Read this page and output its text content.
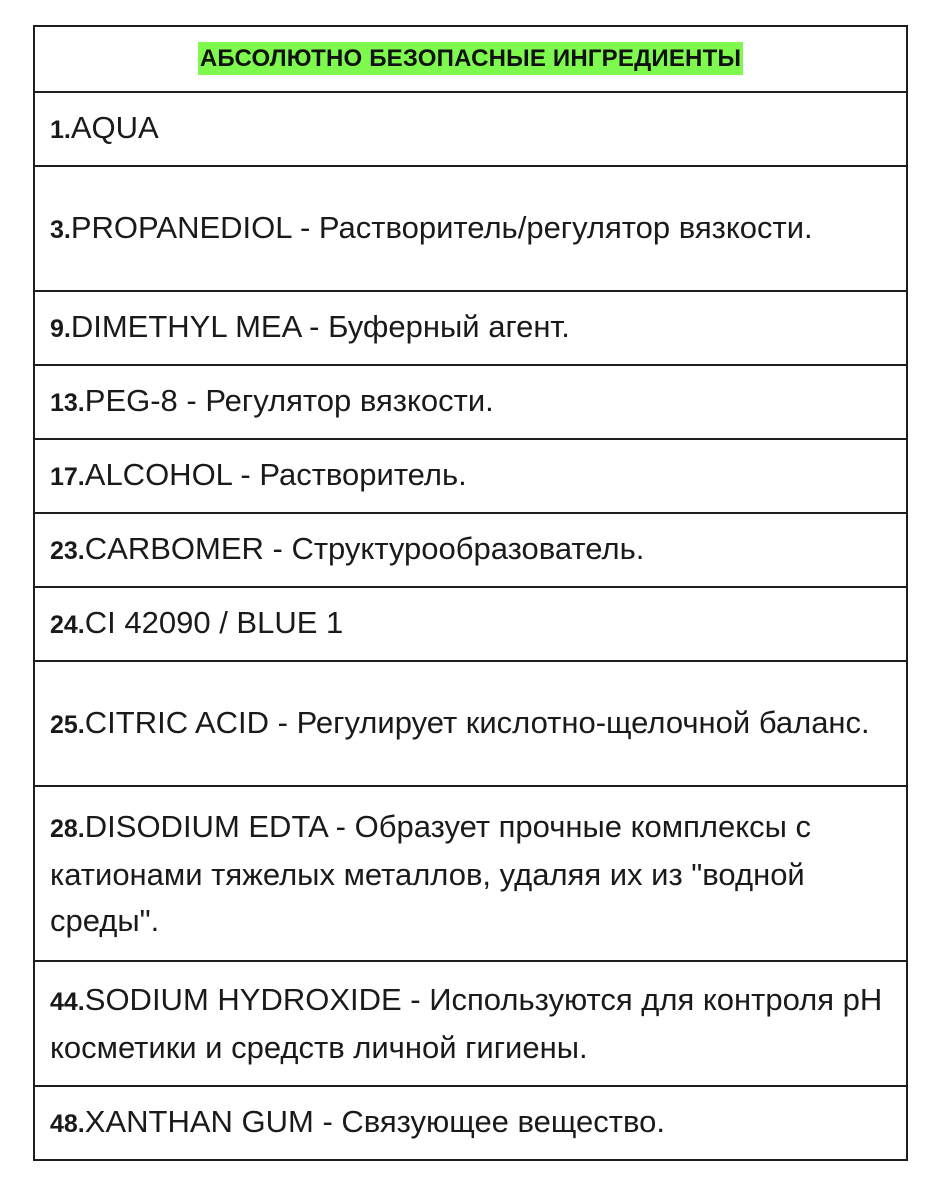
АБСОЛЮТНО БЕЗОПАСНЫЕ ИНГРЕДИЕНТЫ
1.AQUA
3.PROPANEDIOL - Растворитель/регулятор вязкости.
9.DIMETHYL MEA - Буферный агент.
13.PEG-8 - Регулятор вязкости.
17.ALCOHOL - Растворитель.
23.CARBOMER - Структурообразователь.
24.CI 42090 / BLUE 1
25.CITRIC ACID - Регулирует кислотно-щелочной баланс.
28.DISODIUM EDTA - Образует прочные комплексы с катионами тяжелых металлов, удаляя их из "водной среды".
44.SODIUM HYDROXIDE - Используются для контроля pH косметики и средств личной гигиены.
48.XANTHAN GUM - Связующее вещество.
